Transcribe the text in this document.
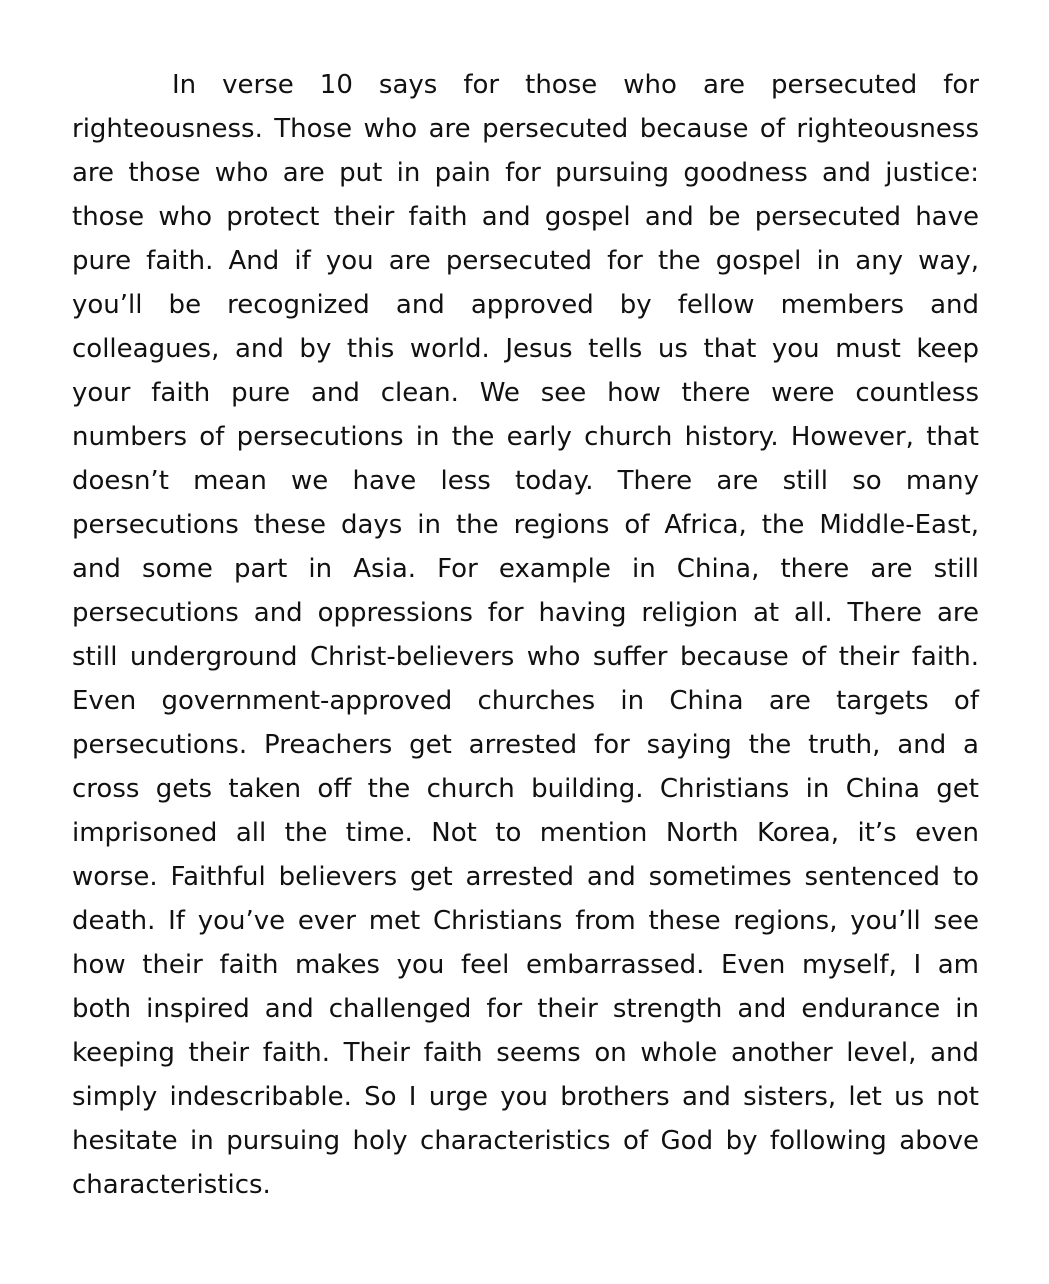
In verse 10 says for those who are persecuted for
righteousness. Those who are persecuted because of righteousness
are those who are put in pain for pursuing goodness and justice:
those who protect their faith and gospel and be persecuted have
pure faith. And if you are persecuted for the gospel in any way,
you’ll be recognized and approved by fellow members and
colleagues, and by this world. Jesus tells us that you must keep
your faith pure and clean. We see how there were countless
numbers of persecutions in the early church history. However, that
doesn’t mean we have less today. There are still so many
persecutions these days in the regions of Africa, the Middle-East,
and some part in Asia. For example in China, there are still
persecutions and oppressions for having religion at all. There are
still underground Christ-believers who suffer because of their faith.
Even government-approved churches in China are targets of
persecutions. Preachers get arrested for saying the truth, and a
cross gets taken off the church building. Christians in China get
imprisoned all the time. Not to mention North Korea, it’s even
worse. Faithful believers get arrested and sometimes sentenced to
death. If you’ve ever met Christians from these regions, you’ll see
how their faith makes you feel embarrassed. Even myself, I am
both inspired and challenged for their strength and endurance in
keeping their faith. Their faith seems on whole another level, and
simply indescribable. So I urge you brothers and sisters, let us not
hesitate in pursuing holy characteristics of God by following above
characteristics.
